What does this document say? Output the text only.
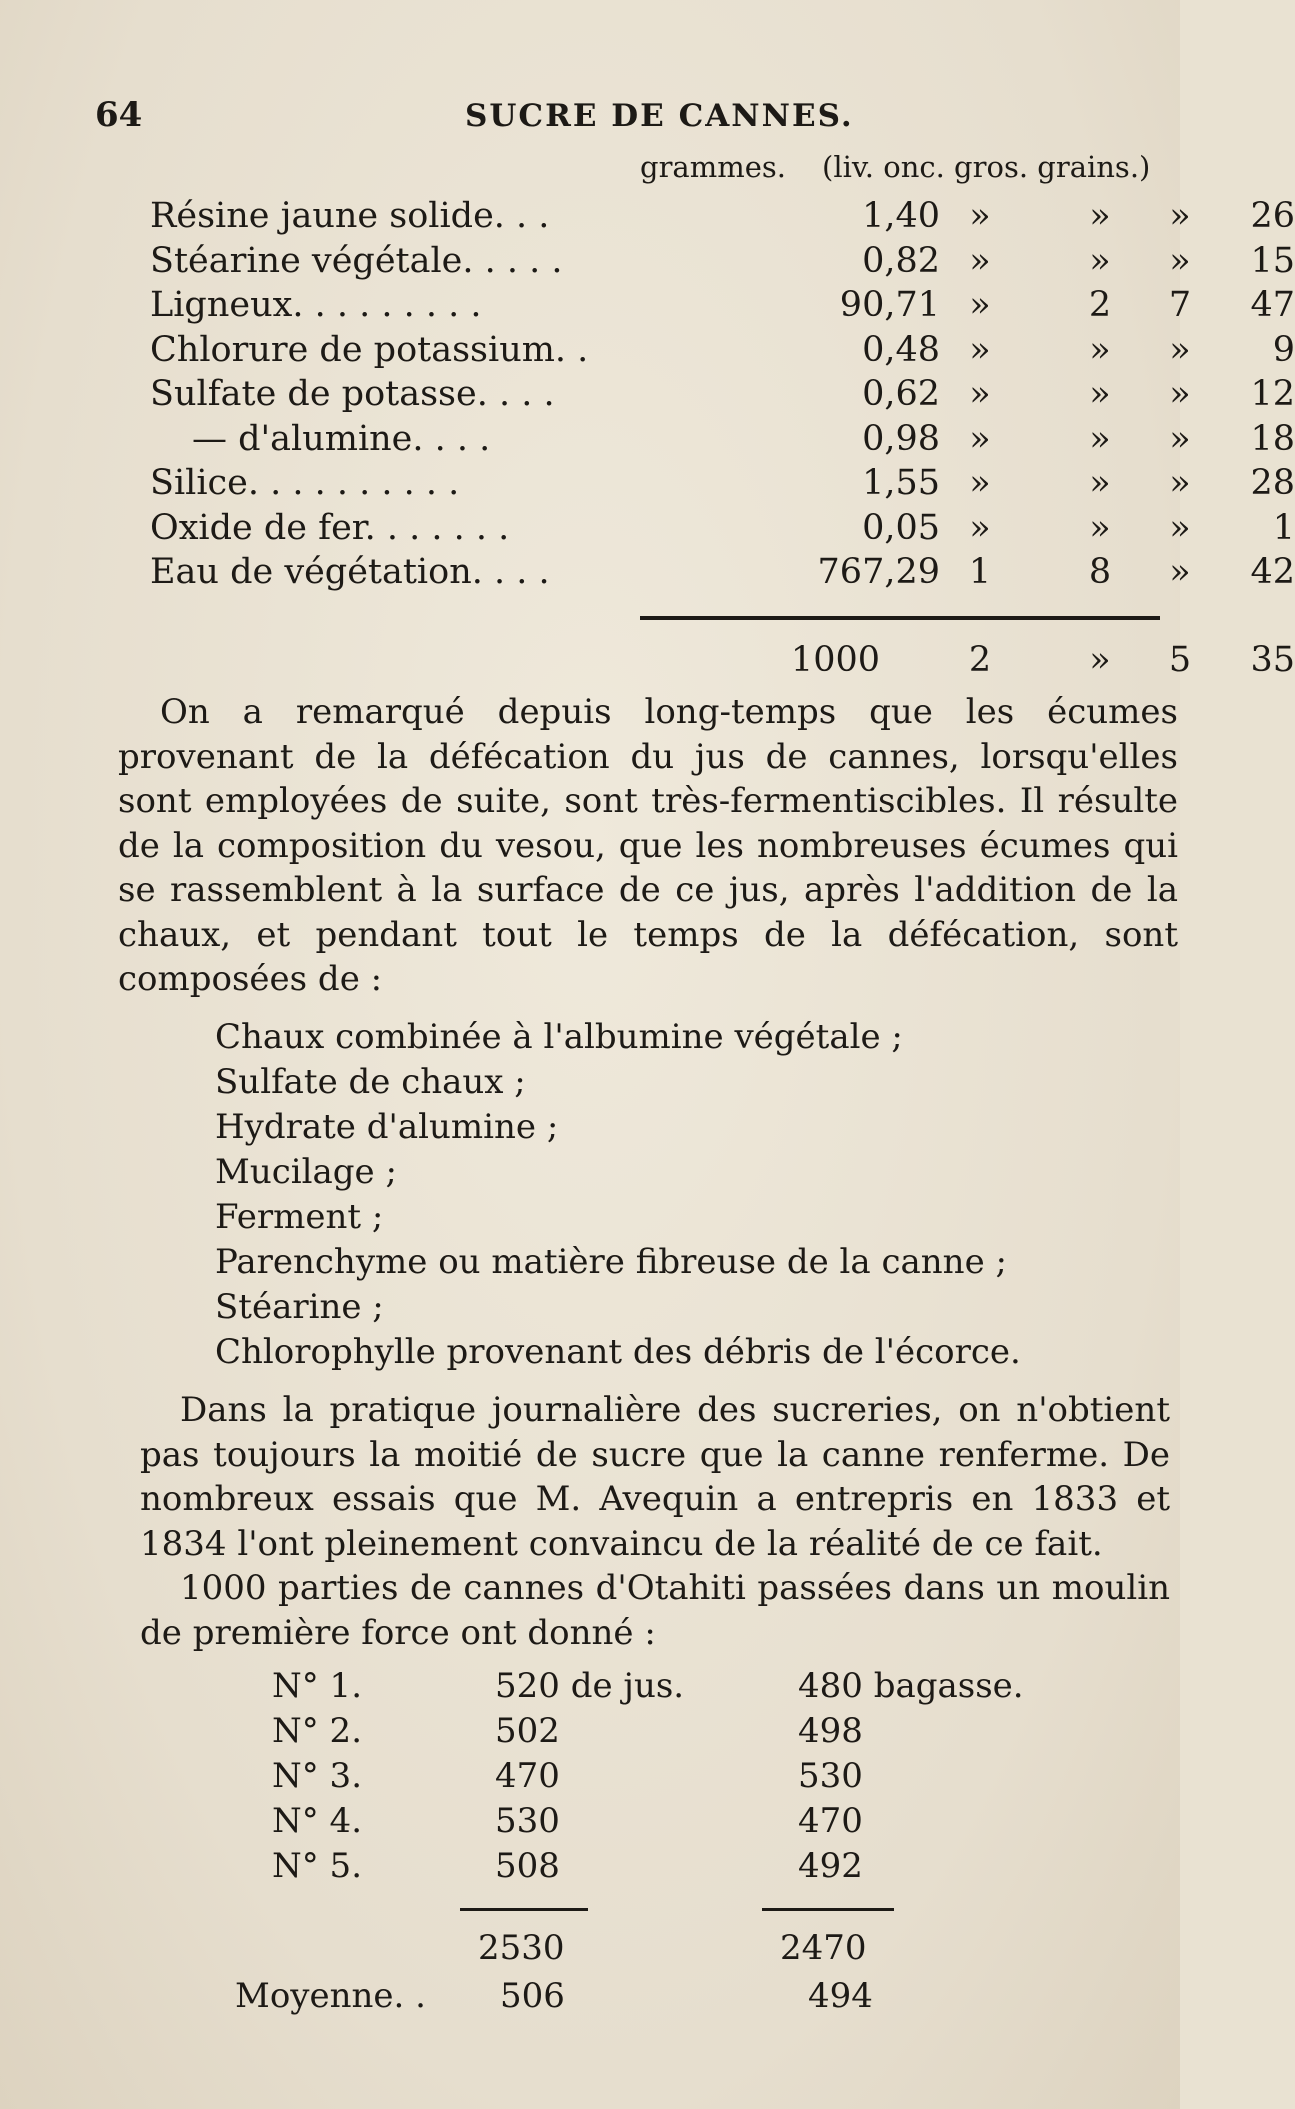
64	SUCRE DE CANNES.
grammes. (liv. onc. gros. grains.)
Résine jaune solide. . .	1,40 »	»	»	26
Stéarine végétale. . . . .	0,82 »	»	»	15
Ligneux. . . . . . . . .	90,71 »	2	7	47
Chlorure de potassium. .	0,48 »	»	»	9
Sulfate de potasse. . . .	0,62 »	»	»	12
— d'alumine. . . .	0,98 »	»	»	18
Silice. . . . . . . . . .	1,55 »	»	»	28
Oxide de fer. . . . . . .	0,05 »	»	»	1
Eau de végétation. . . .	767,29 1	8	»	42
1000	2	»	5	35
On a remarqué depuis long-temps que les écumes provenant de la défécation du jus de cannes, lorsqu'elles sont employées de suite, sont très-fermentiscibles. Il résulte de la composition du vesou, que les nombreuses écumes qui se rassemblent à la surface de ce jus, après l'addition de la chaux, et pendant tout le temps de la défécation, sont composées de :
Chaux combinée à l'albumine végétale ;
Sulfate de chaux ;
Hydrate d'alumine ;
Mucilage ;
Ferment ;
Parenchyme ou matière fibreuse de la canne ;
Stéarine ;
Chlorophylle provenant des débris de l'écorce.
Dans la pratique journalière des sucreries, on n'obtient pas toujours la moitié de sucre que la canne renferme. De nombreux essais que M. Avequin a entrepris en 1833 et 1834 l'ont pleinement convaincu de la réalité de ce fait.
1000 parties de cannes d'Otahiti passées dans un moulin de première force ont donné :
N° 1.	520 de jus.	480 bagasse.
N° 2.	502	498
N° 3.	470	530
N° 4.	530	470
N° 5.	508	492
2530	2470
Moyenne. . 506	494
